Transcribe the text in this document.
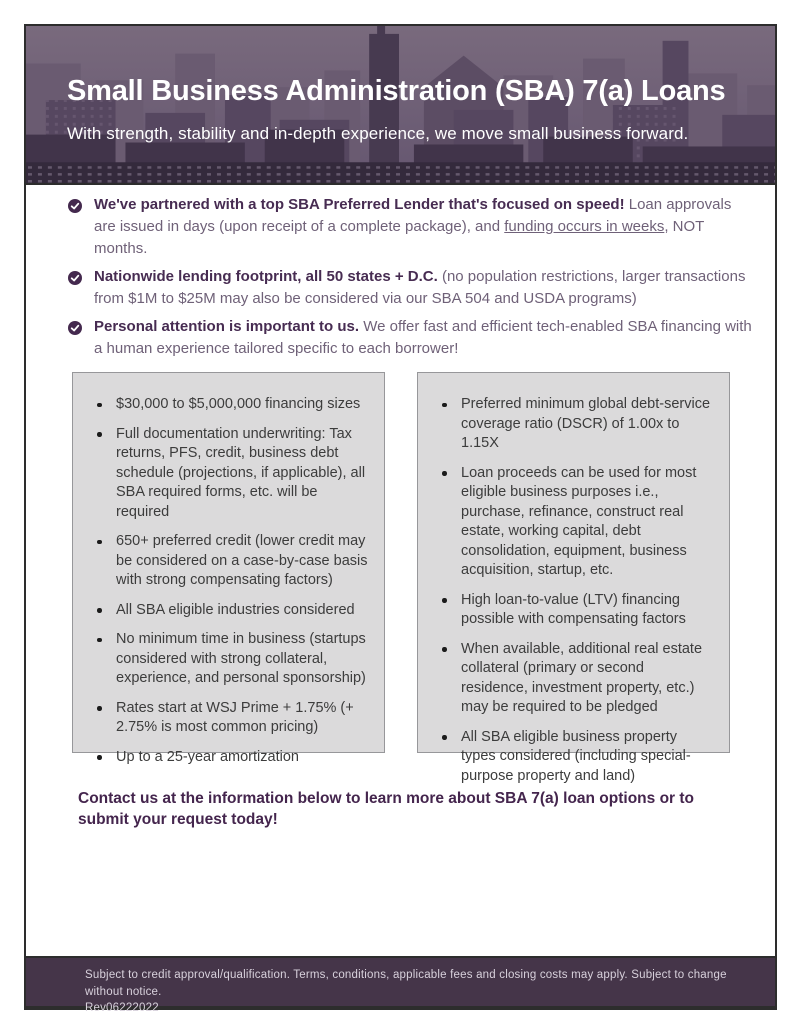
Small Business Administration (SBA) 7(a) Loans
With strength, stability and in-depth experience, we move small business forward.

We've partnered with a top SBA Preferred Lender that's focused on speed! Loan approvals are issued in days (upon receipt of a complete package), and funding occurs in weeks, NOT months.

Nationwide lending footprint, all 50 states + D.C. (no population restrictions, larger transactions from $1M to $25M may also be considered via our SBA 504 and USDA programs)

Personal attention is important to us. We offer fast and efficient tech-enabled SBA financing with a human experience tailored specific to each borrower!

$30,000 to $5,000,000 financing sizes
Full documentation underwriting: Tax returns, PFS, credit, business debt schedule (projections, if applicable), all SBA required forms, etc. will be required
650+ preferred credit (lower credit may be considered on a case-by-case basis with strong compensating factors)
All SBA eligible industries considered
No minimum time in business (startups considered with strong collateral, experience, and personal sponsorship)
Rates start at WSJ Prime + 1.75% (+ 2.75% is most common pricing)
Up to a 25-year amortization
Preferred minimum global debt-service coverage ratio (DSCR) of 1.00x to 1.15X
Loan proceeds can be used for most eligible business purposes i.e., purchase, refinance, construct real estate, working capital, debt consolidation, equipment, business acquisition, startup, etc.
High loan-to-value (LTV) financing possible with compensating factors
When available, additional real estate collateral (primary or second residence, investment property, etc.) may be required to be pledged
All SBA eligible business property types considered (including special-purpose property and land)

Contact us at the information below to learn more about SBA 7(a) loan options or to submit your request today!

Subject to credit approval/qualification. Terms, conditions, applicable fees and closing costs may apply. Subject to change without notice.

Rev06222022
